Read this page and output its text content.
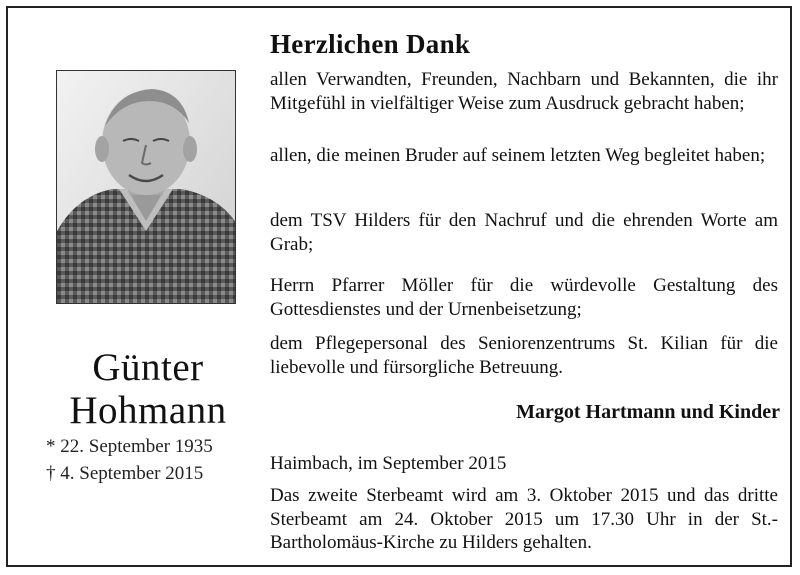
Günter
Hohmann
* 22. September 1935
† 4. September 2015
Herzlichen Dank
allen Verwandten, Freunden, Nachbarn und Bekannten, die ihr Mitgefühl in vielfältiger Weise zum Ausdruck gebracht haben;
allen, die meinen Bruder auf seinem letzten Weg begleitet haben;
dem TSV Hilders für den Nachruf und die ehrenden Worte am Grab;
Herrn Pfarrer Möller für die würdevolle Gestaltung des Gottesdienstes und der Urnenbeisetzung;
dem Pflegepersonal des Seniorenzentrums St. Kilian für die liebevolle und fürsorgliche Betreuung.
Margot Hartmann und Kinder
Haimbach, im September 2015
Das zweite Sterbeamt wird am 3. Oktober 2015 und das dritte Sterbeamt am 24. Oktober 2015 um 17.30 Uhr in der St.-Bartholomäus-Kirche zu Hilders gehalten.
